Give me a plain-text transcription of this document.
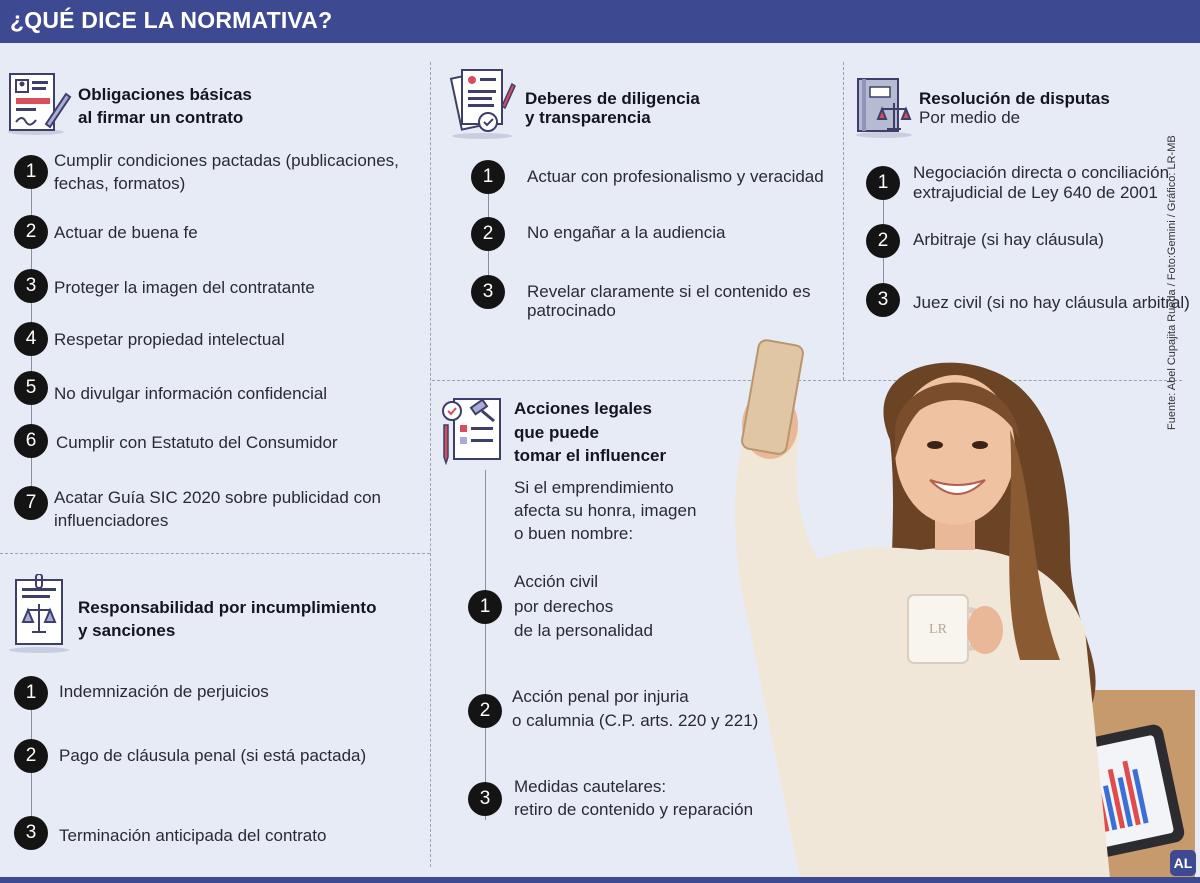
¿QUÉ DICE LA NORMATIVA?
Obligaciones básicas
al firmar un contrato
1
Cumplir condiciones pactadas (publicaciones,
fechas, formatos)
2	Actuar de buena fe
3	Proteger la imagen del contratante
4	Respetar propiedad intelectual
5	No divulgar información confidencial
6	Cumplir con Estatuto del Consumidor
7	Acatar Guía SIC 2020 sobre publicidad con
influenciadores
Responsabilidad por incumplimiento
y sanciones
1	Indemnización de perjuicios
2	Pago de cláusula penal (si está pactada)
3	Terminación anticipada del contrato
Deberes de diligencia
y transparencia
1	Actuar con profesionalismo y veracidad
2	No engañar a la audiencia
3	Revelar claramente si el contenido es
patrocinado
Resolución de disputas
Por medio de
1	Negociación directa o conciliación
extrajudicial de Ley 640 de 2001
2	Arbitraje (si hay cláusula)
3	Juez civil (si no hay cláusula arbitral)
Acciones legales
que puede
tomar el influencer
Si el emprendimiento
afecta su honra, imagen
o buen nombre:
1
Acción civil
por derechos
de la personalidad
2
Acción penal por injuria
o calumnia (C.P. arts. 220 y 221)
3
Medidas cautelares:
retiro de contenido y reparación
LR
Fuente: Abel Cupajita Rueda / Foto:Gemini / Gráfico: LR-MB
AL
